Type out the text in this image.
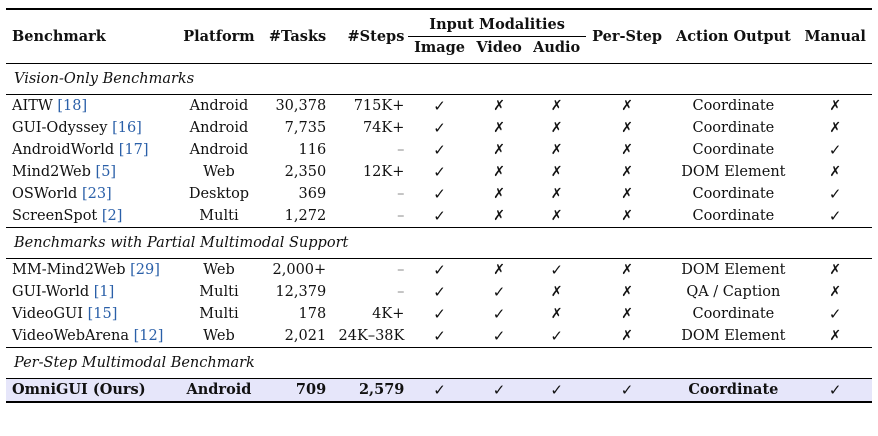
Benchmark	Platform	#Tasks	#Steps	Input Modalities			Per-Step	Action Output	Manual
				Image	Video	Audio			
Vision-Only Benchmarks									
AITW [18]	Android	30,378	715K+	✓	✗	✗	✗	Coordinate	✗
GUI-Odyssey [16]	Android	7,735	74K+	✓	✗	✗	✗	Coordinate	✗
AndroidWorld [17]	Android	116	–	✓	✗	✗	✗	Coordinate	✓
Mind2Web [5]	Web	2,350	12K+	✓	✗	✗	✗	DOM Element	✗
OSWorld [23]	Desktop	369	–	✓	✗	✗	✗	Coordinate	✓
ScreenSpot [2]	Multi	1,272	–	✓	✗	✗	✗	Coordinate	✓
Benchmarks with Partial Multimodal Support									
MM-Mind2Web [29]	Web	2,000+	–	✓	✗	✓	✗	DOM Element	✗
GUI-World [1]	Multi	12,379	–	✓	✓	✗	✗	QA / Caption	✗
VideoGUI [15]	Multi	178	4K+	✓	✓	✗	✗	Coordinate	✓
VideoWebArena [12]	Web	2,021	24K–38K	✓	✓	✓	✗	DOM Element	✗
Per-Step Multimodal Benchmark									
OmniGUI (Ours)	Android	709	2,579	✓	✓	✓	✓	Coordinate	✓
